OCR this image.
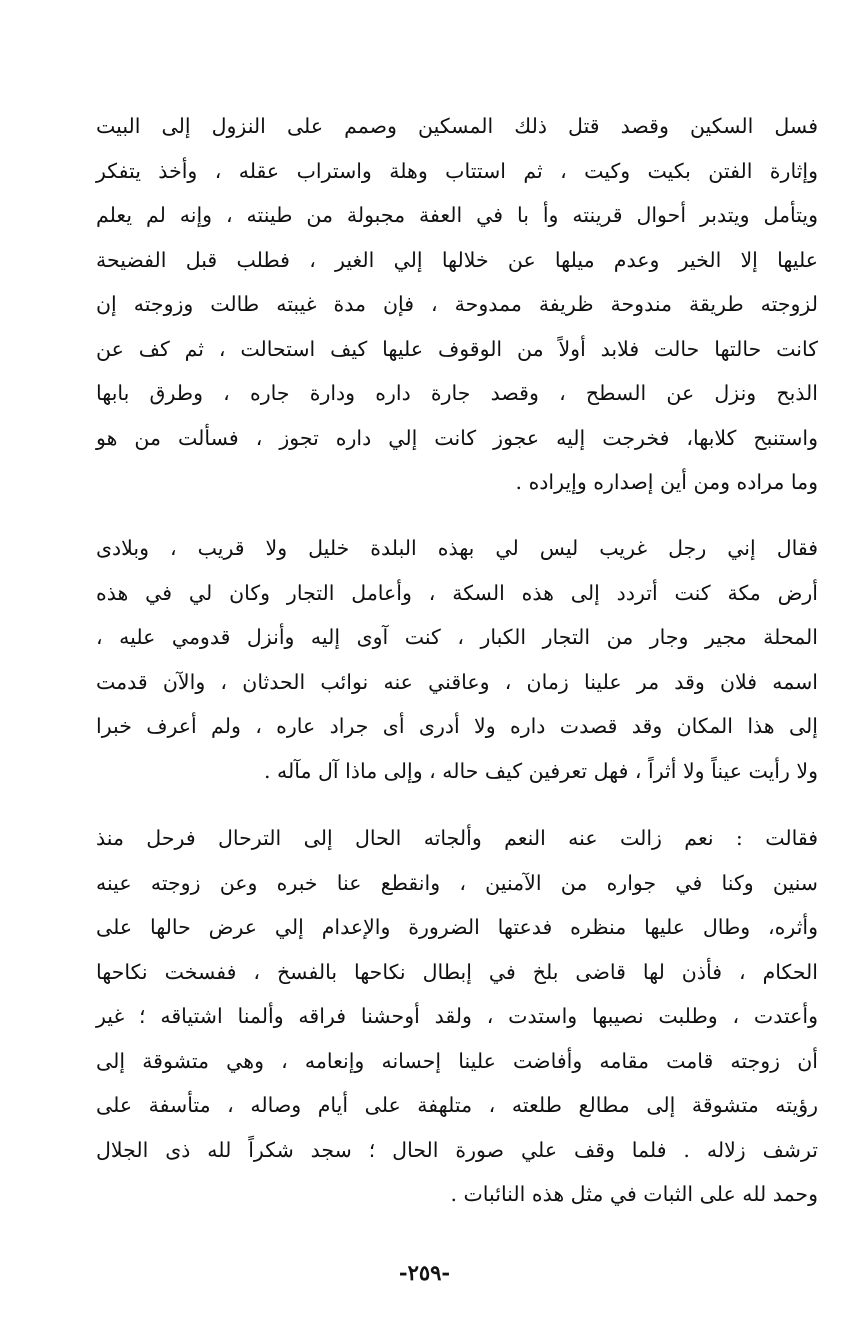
فسل السكين وقصد قتل ذلك المسكين وصمم على النزول إلى البيت
وإثارة الفتن بكيت وكيت ، ثم استتاب وهلة واستراب عقله ، وأخذ يتفكر
ويتأمل ويتدبر أحوال قرينته وأ با في العفة مجبولة من طينته ، وإنه لم يعلم
عليها إلا الخير وعدم ميلها عن خلالها إلي الغير ، فطلب قبل الفضيحة
لزوجته طريقة مندوحة ظريفة ممدوحة ، فإن مدة غيبته طالت وزوجته إن
كانت حالتها حالت فلابد أولاً من الوقوف عليها كيف استحالت ، ثم كف عن
الذبح ونزل عن السطح ، وقصد جارة داره ودارة جاره ، وطرق بابها
واستنبح كلابها، فخرجت إليه عجوز كانت إلي داره تجوز ، فسألت من هو
وما مراده ومن أين إصداره وإيراده .
فقال إني رجل غريب ليس لي بهذه البلدة خليل ولا قريب ، وبلادى
أرض مكة كنت أتردد إلى هذه السكة ، وأعامل التجار وكان لي في هذه
المحلة مجير وجار من التجار الكبار ، كنت آوى إليه وأنزل قدومي عليه ،
اسمه فلان وقد مر علينا زمان ، وعاقني عنه نوائب الحدثان ، والآن قدمت
إلى هذا المكان وقد قصدت داره ولا أدرى أى جراد عاره ، ولم أعرف خبرا
ولا رأيت عيناً ولا أثراً ، فهل تعرفين كيف حاله ، وإلى ماذا آل مآله .
فقالت : نعم زالت عنه النعم وألجاته الحال إلى الترحال فرحل منذ
سنين وكنا في جواره من الآمنين ، وانقطع عنا خبره وعن زوجته عينه
وأثره، وطال عليها منظره فدعتها الضرورة والإعدام إلي عرض حالها على
الحكام ، فأذن لها قاضى بلخ في إبطال نكاحها بالفسخ ، ففسخت نكاحها
وأعتدت ، وطلبت نصيبها واستدت ، ولقد أوحشنا فراقه وألمنا اشتياقه ؛ غير
أن زوجته قامت مقامه وأفاضت علينا إحسانه وإنعامه ، وهي متشوقة إلى
رؤيته متشوقة إلى مطالع طلعته ، متلهفة على أيام وصاله ، متأسفة على
ترشف زلاله . فلما وقف علي صورة الحال ؛ سجد شكراً لله ذى الجلال
وحمد لله على الثبات في مثل هذه النائبات .
-٢٥٩-
